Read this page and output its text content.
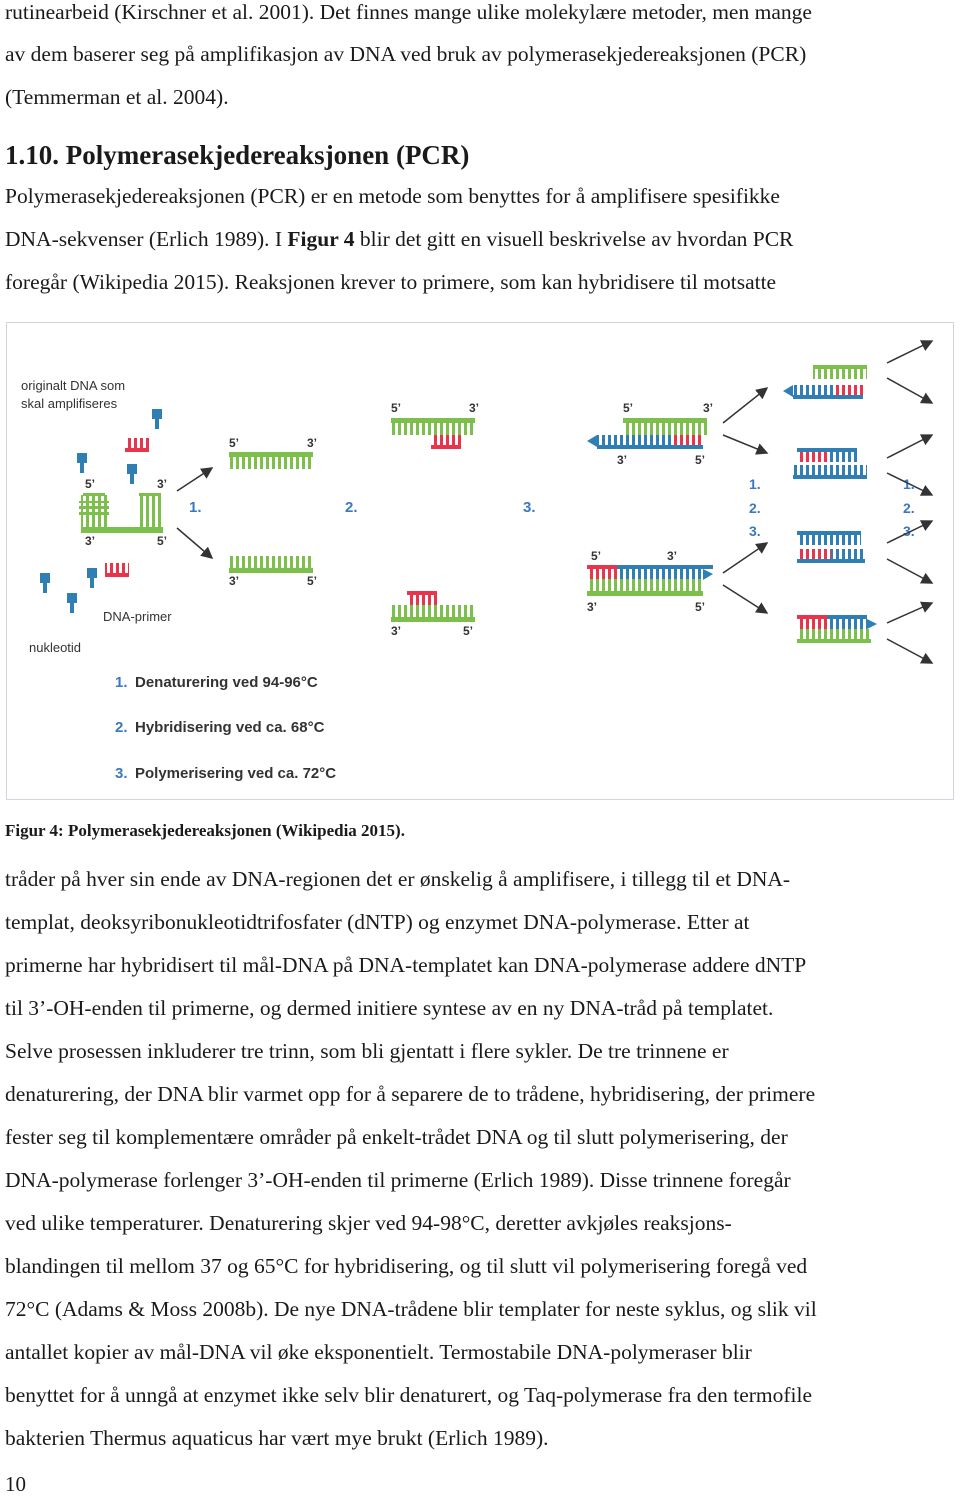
rutinearbeid (Kirschner et al. 2001). Det finnes mange ulike molekylære metoder, men mange

av dem baserer seg på amplifikasjon av DNA ved bruk av polymerasekjedereaksjonen (PCR)

(Temmerman et al. 2004).

1.10. Polymerasekjedereaksjonen (PCR)

Polymerasekjedereaksjonen (PCR) er en metode som benyttes for å amplifisere spesifikke

DNA-sekvenser (Erlich 1989). I Figur 4 blir det gitt en visuell beskrivelse av hvordan PCR

foregår (Wikipedia 2015). Reaksjonen krever to primere, som kan hybridisere til motsatte

originalt DNA som
skal amplifiseres
5’	3’
3’	5’
DNA-primer
nukleotid
1.
5’	3’
3’	5’
2.
5’	3’
3’	5’
3.
5’	3’
3’	5’
5’	3’
3’	5’
1.
2.
3.
1.
2.
3.
1. Denaturering ved 94-96°C
2. Hybridisering ved ca. 68°C
3. Polymerisering ved ca. 72°C

Figur 4: Polymerasekjedereaksjonen (Wikipedia 2015).

tråder på hver sin ende av DNA-regionen det er ønskelig å amplifisere, i tillegg til et DNA-

templat, deoksyribonukleotidtrifosfater (dNTP) og enzymet DNA-polymerase. Etter at

primerne har hybridisert til mål-DNA på DNA-templatet kan DNA-polymerase addere dNTP

til 3’-OH-enden til primerne, og dermed initiere syntese av en ny DNA-tråd på templatet.

Selve prosessen inkluderer tre trinn, som bli gjentatt i flere sykler. De tre trinnene er

denaturering, der DNA blir varmet opp for å separere de to trådene, hybridisering, der primere

fester seg til komplementære områder på enkelt-trådet DNA og til slutt polymerisering, der

DNA-polymerase forlenger 3’-OH-enden til primerne (Erlich 1989). Disse trinnene foregår

ved ulike temperaturer. Denaturering skjer ved 94-98°C, deretter avkjøles reaksjons-

blandingen til mellom 37 og 65°C for hybridisering, og til slutt vil polymerisering foregå ved

72°C (Adams & Moss 2008b). De nye DNA-trådene blir templater for neste syklus, og slik vil

antallet kopier av mål-DNA vil øke eksponentielt. Termostabile DNA-polymeraser blir

benyttet for å unngå at enzymet ikke selv blir denaturert, og Taq-polymerase fra den termofile

bakterien Thermus aquaticus har vært mye brukt (Erlich 1989).

10
